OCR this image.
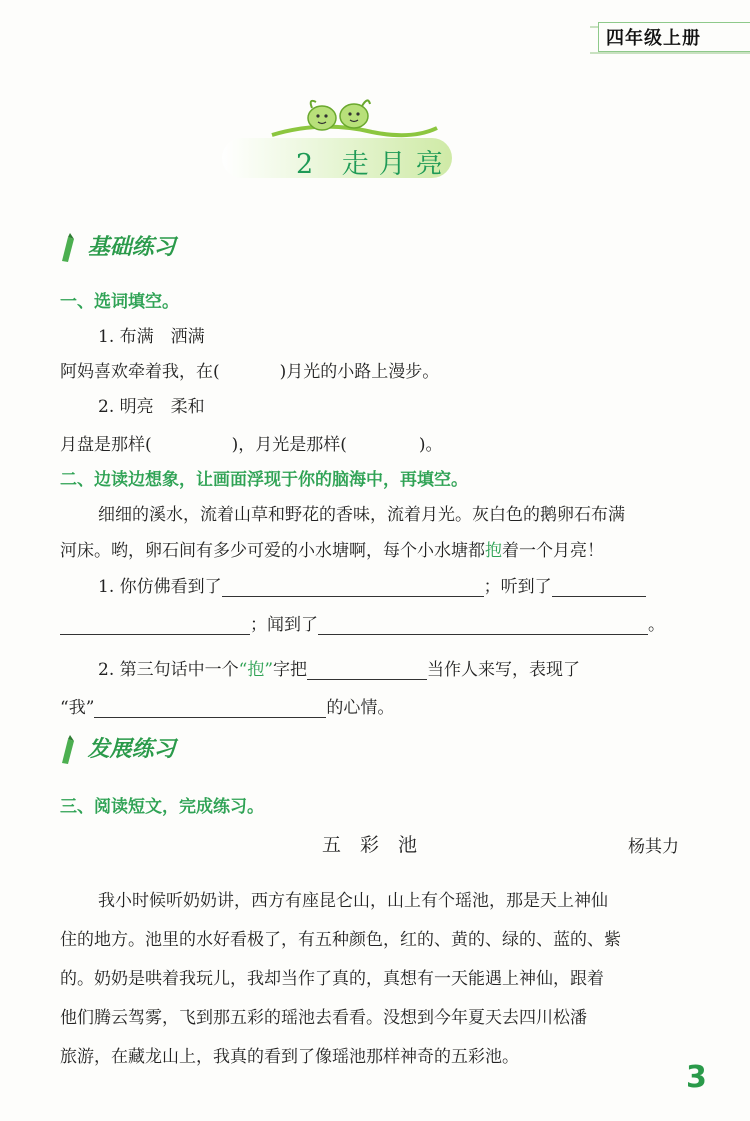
四年级上册
2 走月亮
基础练习
一、选词填空。
1. 布满　洒满
阿妈喜欢牵着我，在(	)月光的小路上漫步。
2. 明亮　柔和
月盘是那样(	)，月光是那样(	)。
二、边读边想象，让画面浮现于你的脑海中，再填空。
细细的溪水，流着山草和野花的香味，流着月光。灰白色的鹅卵石布满
河床。哟，卵石间有多少可爱的小水塘啊，每个小水塘都抱着一个月亮！
1. 你仿佛看到了	；听到了
；闻到了	。
2. 第三句话中一个“抱”字把	当作人来写，表现了
“我”	的心情。
发展练习
三、阅读短文，完成练习。
五　彩　池	杨其力
我小时候听奶奶讲，西方有座昆仑山，山上有个瑶池，那是天上神仙
住的地方。池里的水好看极了，有五种颜色，红的、黄的、绿的、蓝的、紫
的。奶奶是哄着我玩儿，我却当作了真的，真想有一天能遇上神仙，跟着
他们腾云驾雾，飞到那五彩的瑶池去看看。没想到今年夏天去四川松潘
旅游，在藏龙山上，我真的看到了像瑶池那样神奇的五彩池。
3
